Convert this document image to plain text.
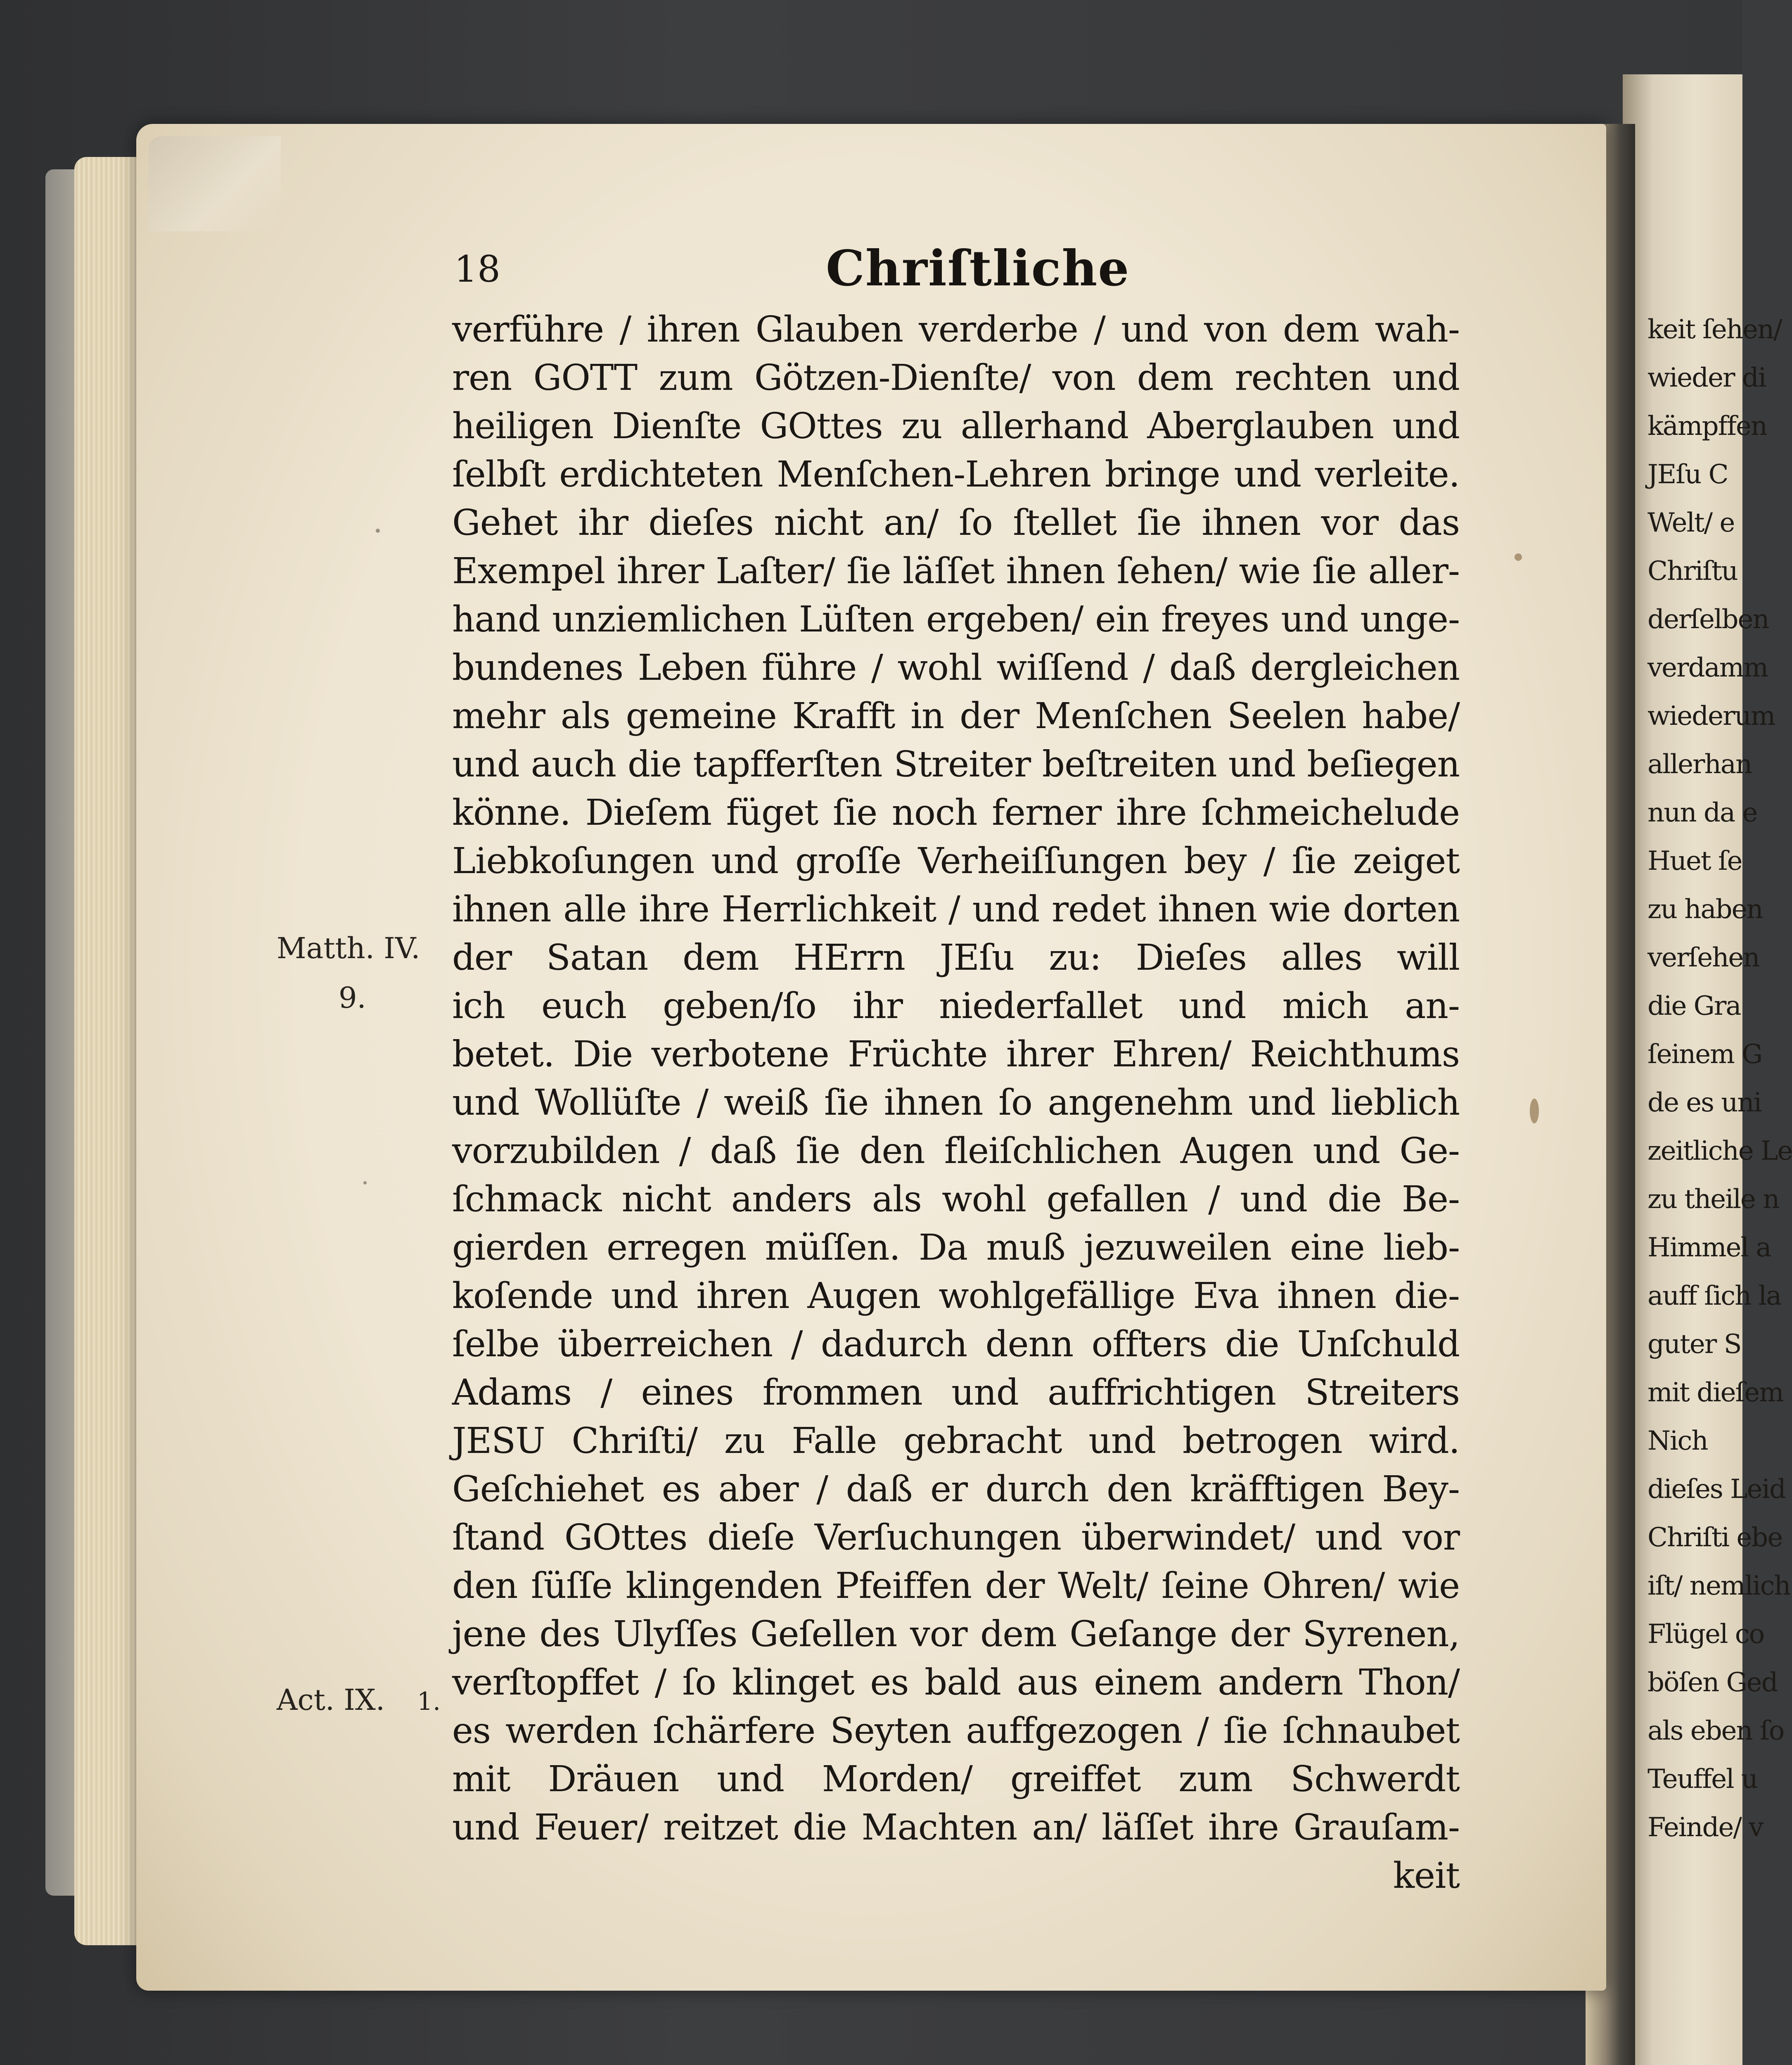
18	Chriſtliche
verführe / ihren Glauben verderbe / und von dem wah-
ren GOTT zum Götzen-Dienſte/ von dem rechten und
heiligen Dienſte GOttes zu allerhand Aberglauben und
ſelbſt erdichteten Menſchen-Lehren bringe und verleite.
Gehet ihr dieſes nicht an/ ſo ſtellet ſie ihnen vor das
Exempel ihrer Laſter/ ſie läſſet ihnen ſehen/ wie ſie aller-
hand unziemlichen Lüſten ergeben/ ein freyes und unge-
bundenes Leben führe / wohl wiſſend / daß dergleichen
mehr als gemeine Krafft in der Menſchen Seelen habe/
und auch die tapfferſten Streiter beſtreiten und beſiegen
könne. Dieſem füget ſie noch ferner ihre ſchmeichelude
Liebkoſungen und groſſe Verheiſſungen bey / ſie zeiget
ihnen alle ihre Herrlichkeit / und redet ihnen wie dorten
der Satan dem HErrn JEſu zu: Dieſes alles will
ich euch geben/ſo ihr niederfallet und mich an-
betet. Die verbotene Früchte ihrer Ehren/ Reichthums
und Wollüſte / weiß ſie ihnen ſo angenehm und lieblich
vorzubilden / daß ſie den fleiſchlichen Augen und Ge-
ſchmack nicht anders als wohl gefallen / und die Be-
gierden erregen müſſen. Da muß jezuweilen eine lieb-
koſende und ihren Augen wohlgefällige Eva ihnen die-
ſelbe überreichen / dadurch denn offters die Unſchuld
Adams / eines frommen und auffrichtigen Streiters
JESU Chriſti/ zu Falle gebracht und betrogen wird.
Geſchiehet es aber / daß er durch den kräfftigen Bey-
ſtand GOttes dieſe Verſuchungen überwindet/ und vor
den ſüſſe klingenden Pfeiffen der Welt/ ſeine Ohren/ wie
jene des Ulyſſes Geſellen vor dem Geſange der Syrenen,
verſtopffet / ſo klinget es bald aus einem andern Thon/
es werden ſchärfere Seyten auffgezogen / ſie ſchnaubet
mit Dräuen und Morden/ greiffet zum Schwerdt
und Feuer/ reitzet die Machten an/ läſſet ihre Grauſam-
keit
Matth. IV.
9.
Act. IX. 1.
keit ſehen/
wieder di
kämpffen
JEſu C
Welt/ e
Chriſtu
derſelben
verdamm
wiederum
allerhan
nun da e
Huet ſe
zu haben
verſehen
die Gra
ſeinem G
de es uni
zeitliche Le
zu theile n
Himmel a
auff ſich la
guter S
mit dieſem
Nich
dieſes Leid
Chriſti ebe
iſt/ nemlich
Flügel co
böſen Ged
als eben ſo
Teuffel u
Feinde/ v
